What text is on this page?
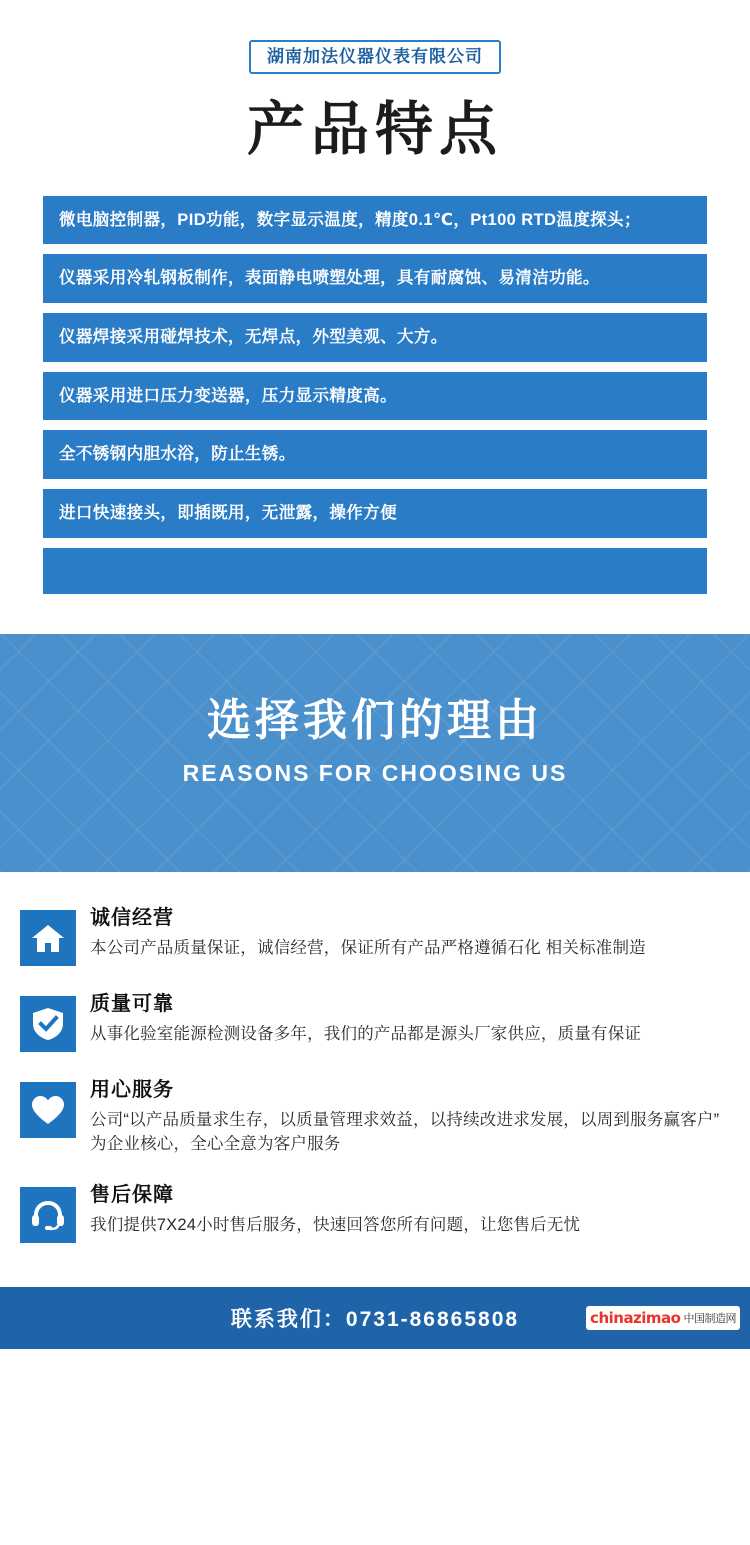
湖南加法仪器仪表有限公司
产品特点
微电脑控制器，PID功能，数字显示温度，精度0.1℃，Pt100 RTD温度探头；
仪器采用冷轧钢板制作，表面静电喷塑处理，具有耐腐蚀、易清洁功能。
仪器焊接采用碰焊技术，无焊点，外型美观、大方。
仪器采用进口压力变送器，压力显示精度高。
全不锈钢内胆水浴，防止生锈。
进口快速接头，即插既用，无泄露，操作方便
选择我们的理由
REASONS FOR CHOOSING US
诚信经营
本公司产品质量保证，诚信经营，保证所有产品严格遵循石化 相关标准制造
质量可靠
从事化验室能源检测设备多年，我们的产品都是源头厂家供应，质量有保证
用心服务
公司“以产品质量求生存，以质量管理求效益，以持续改进求发展，以周到服务赢客户”为企业核心，全心全意为客户服务
售后保障
我们提供7X24小时售后服务，快速回答您所有问题，让您售后无忧
联系我们：0731-86865808	chinazimao 中国制造网
